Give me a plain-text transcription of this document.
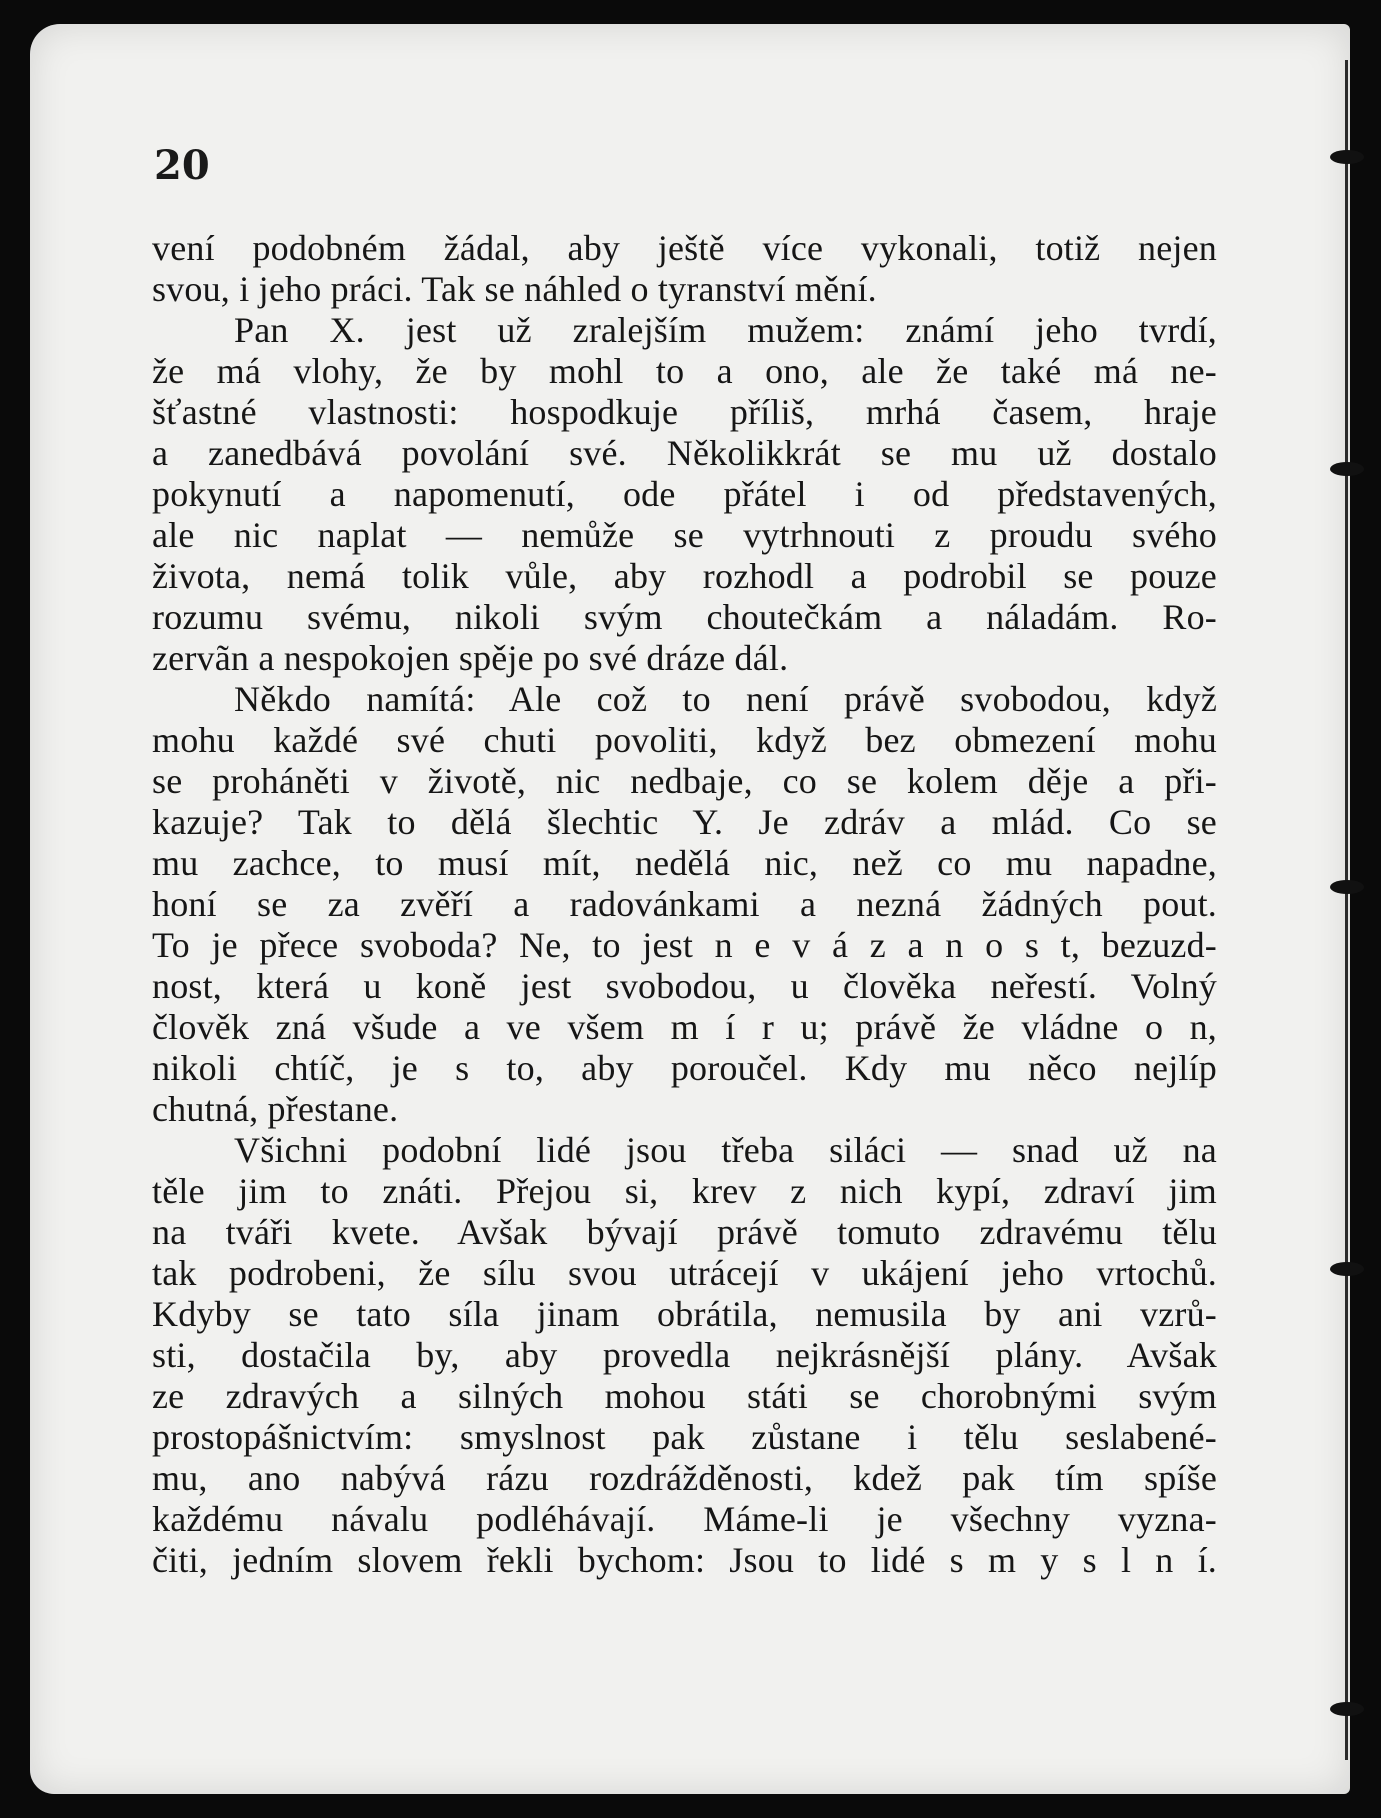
20

vení podobném žádal, aby ještě více vykonali, totiž nejen
svou, i jeho práci. Tak se náhled o tyranství mění.
Pan X. jest už zralejším mužem: známí jeho tvrdí,
že má vlohy, že by mohl to a ono, ale že také má ne-
šťastné vlastnosti: hospodkuje příliš, mrhá časem, hraje
a zanedbává povolání své. Několikkrát se mu už dostalo
pokynutí a napomenutí, ode přátel i od představených,
ale nic naplat — nemůže se vytrhnouti z proudu svého
života, nemá tolik vůle, aby rozhodl a podrobil se pouze
rozumu svému, nikoli svým choutečkám a náladám. Ro-
zervãn a nespokojen spěje po své dráze dál.
Někdo namítá: Ale což to není právě svobodou, když
mohu každé své chuti povoliti, když bez obmezení mohu
se proháněti v životě, nic nedbaje, co se kolem děje a při-
kazuje? Tak to dělá šlechtic Y. Je zdráv a mlád. Co se
mu zachce, to musí mít, nedělá nic, než co mu napadne,
honí se za zvěří a radovánkami a nezná žádných pout.
To je přece svoboda? Ne, to jest n e v á z a n o s t, bezuzd-
nost, která u koně jest svobodou, u člověka neřestí. Volný
člověk zná všude a ve všem m í r u; právě že vládne o n,
nikoli chtíč, je s to, aby poroučel. Kdy mu něco nejlíp
chutná, přestane.
Všichni podobní lidé jsou třeba siláci — snad už na
těle jim to znáti. Přejou si, krev z nich kypí, zdraví jim
na tváři kvete. Avšak bývají právě tomuto zdravému tělu
tak podrobeni, že sílu svou utrácejí v ukájení jeho vrtochů.
Kdyby se tato síla jinam obrátila, nemusila by ani vzrů-
sti, dostačila by, aby provedla nejkrásnější plány. Avšak
ze zdravých a silných mohou státi se chorobnými svým
prostopášnictvím: smyslnost pak zůstane i tělu seslabené-
mu, ano nabývá rázu rozdrážděnosti, kdež pak tím spíše
každému návalu podléhávají. Máme-li je všechny vyzna-
čiti, jedním slovem řekli bychom: Jsou to lidé s m y s l n í.
